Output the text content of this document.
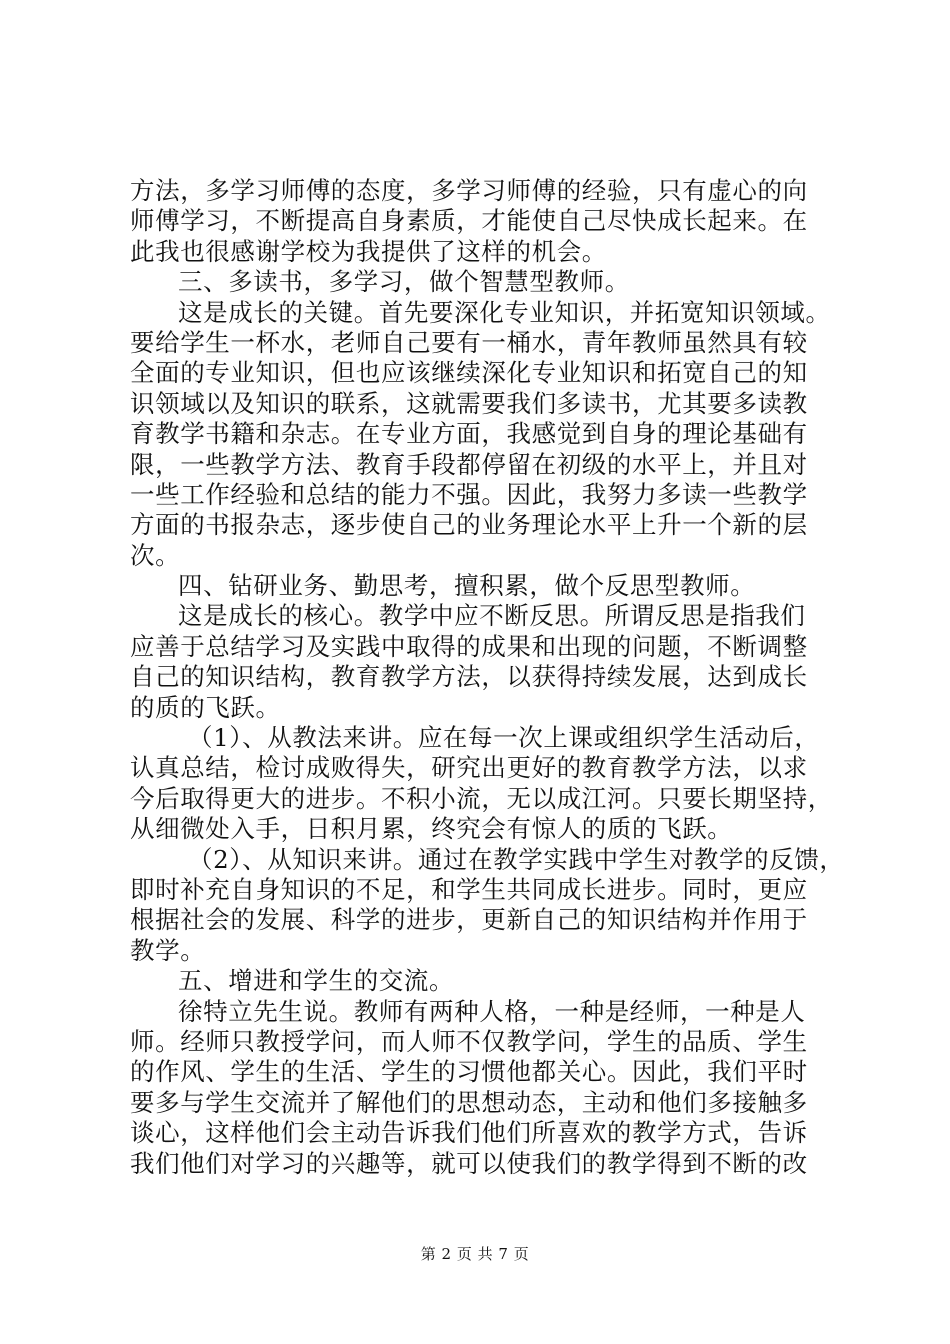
方法，多学习师傅的态度，多学习师傅的经验，只有虚心的向
师傅学习，不断提高自身素质，才能使自己尽快成长起来。在
此我也很感谢学校为我提供了这样的机会。
三、多读书，多学习，做个智慧型教师。
这是成长的关键。首先要深化专业知识，并拓宽知识领域。
要给学生一杯水，老师自己要有一桶水，青年教师虽然具有较
全面的专业知识，但也应该继续深化专业知识和拓宽自己的知
识领域以及知识的联系，这就需要我们多读书，尤其要多读教
育教学书籍和杂志。在专业方面，我感觉到自身的理论基础有
限，一些教学方法、教育手段都停留在初级的水平上，并且对
一些工作经验和总结的能力不强。因此，我努力多读一些教学
方面的书报杂志，逐步使自己的业务理论水平上升一个新的层
次。
四、钻研业务、勤思考，擅积累，做个反思型教师。
这是成长的核心。教学中应不断反思。所谓反思是指我们
应善于总结学习及实践中取得的成果和出现的问题，不断调整
自己的知识结构，教育教学方法，以获得持续发展，达到成长
的质的飞跃。
（1）、从教法来讲。应在每一次上课或组织学生活动后，
认真总结，检讨成败得失，研究出更好的教育教学方法，以求
今后取得更大的进步。不积小流，无以成江河。只要长期坚持，
从细微处入手，日积月累，终究会有惊人的质的飞跃。
（2）、从知识来讲。通过在教学实践中学生对教学的反馈，
即时补充自身知识的不足，和学生共同成长进步。同时，更应
根据社会的发展、科学的进步，更新自己的知识结构并作用于
教学。
五、增进和学生的交流。
徐特立先生说。教师有两种人格，一种是经师，一种是人
师。经师只教授学问，而人师不仅教学问，学生的品质、学生
的作风、学生的生活、学生的习惯他都关心。因此，我们平时
要多与学生交流并了解他们的思想动态，主动和他们多接触多
谈心，这样他们会主动告诉我们他们所喜欢的教学方式，告诉
我们他们对学习的兴趣等，就可以使我们的教学得到不断的改
第 2 页 共 7 页
